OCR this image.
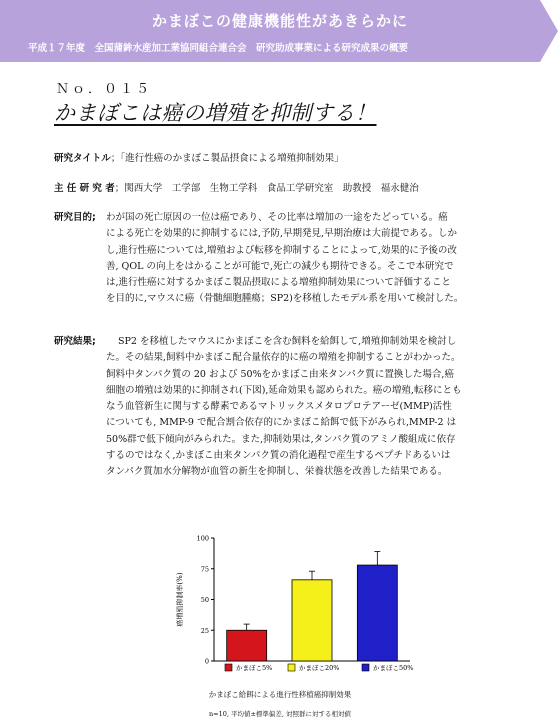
かまぼこの健康機能性があきらかに
平成１７年度　全国蒲鉾水産加工業協同組合連合会　研究助成事業による研究成果の概要
Ｎｏ．０１５
かまぼこは癌の増殖を抑制する！
研究タイトル；「進行性癌のかまぼこ製品摂食による増殖抑制効果」
主 任 研 究 者；関西大学　工学部　生物工学科　食品工学研究室　助教授　福永健治
研究目的;	わが国の死亡原因の一位は癌であり、その比率は増加の一途をたどっている。癌
による死亡を効果的に抑制するには,予防,早期発見,早期治療は大前提である。しか
し,進行性癌については,増殖および転移を抑制することによって,効果的に予後の改
善, QOL の向上をはかることが可能で,死亡の減少も期待できる。そこで本研究で
は,進行性癌に対するかまぼこ製品摂取による増殖抑制効果について評価すること
を目的に,マウスに癌（骨髄細胞腫瘍；SP2)を移植したモデル系を用いて検討した。
研究結果;	SP2 を移植したマウスにかまぼこを含む飼料を給餌して,増殖抑制効果を検討し
た。その結果,飼料中かまぼこ配合量依存的に癌の増殖を抑制することがわかった。
飼料中タンパク質の 20 および 50%をかまぼこ由来タンパク質に置換した場合,癌
細胞の増殖は効果的に抑制され(下図),延命効果も認められた。癌の増殖,転移にとも
なう血管新生に関与する酵素であるマトリックスメタロプロテアーゼ(MMP)活性
についても, MMP-9 で配合割合依存的にかまぼこ給餌で低下がみられ,MMP-2 は
50%群で低下傾向がみられた。また,抑制効果は,タンパク質のアミノ酸組成に依存
するのではなく,かまぼこ由来タンパク質の消化過程で産生するペプチドあるいは
タンパク質加水分解物が血管の新生を抑制し、栄養状態を改善した結果である。
0
25
50
75
100
癌増殖抑制率(%)
かまぼこ5%	かまぼこ20%	かまぼこ50%
かまぼこ給餌による進行性移植癌抑制効果
n=10, 平均値±標準偏差, 対照群に対する相対値
